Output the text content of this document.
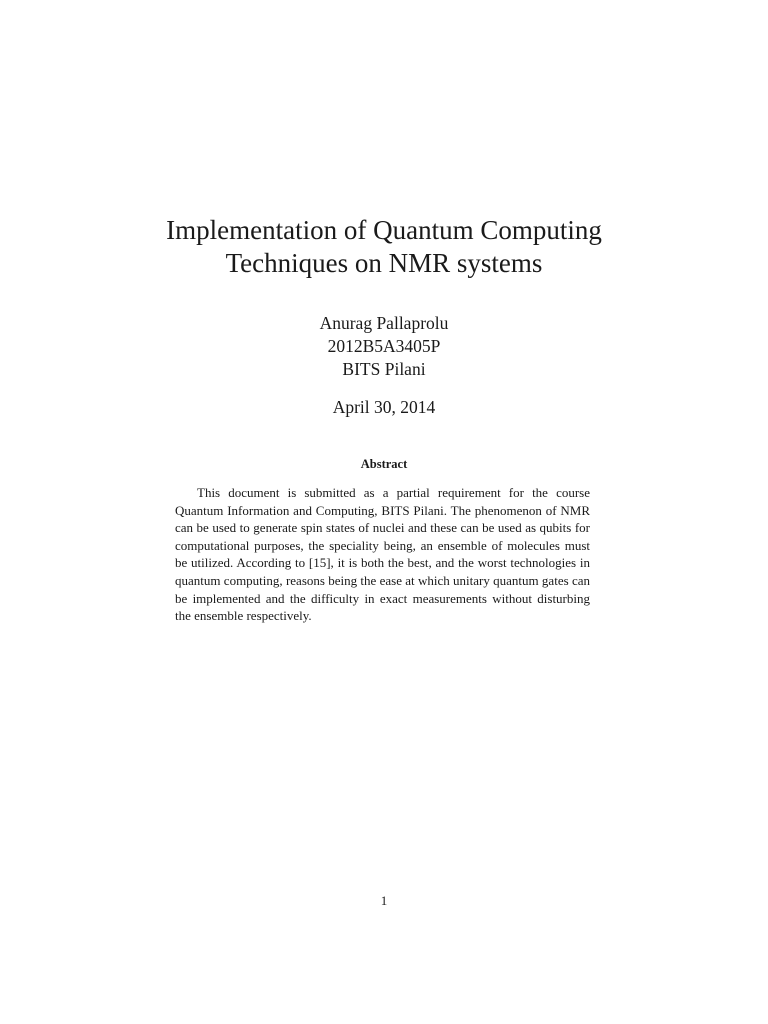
Implementation of Quantum Computing
Techniques on NMR systems
Anurag Pallaprolu
2012B5A3405P
BITS Pilani
April 30, 2014
Abstract

This document is submitted as a partial requirement for the course Quantum Information and Computing, BITS Pilani. The phenomenon of NMR can be used to generate spin states of nuclei and these can be used as qubits for computational purposes, the speciality being, an ensemble of molecules must be utilized. According to [15], it is both the best, and the worst technologies in quantum computing, reasons being the ease at which unitary quantum gates can be implemented and the difficulty in exact measurements without disturbing the ensemble respectively.

1
